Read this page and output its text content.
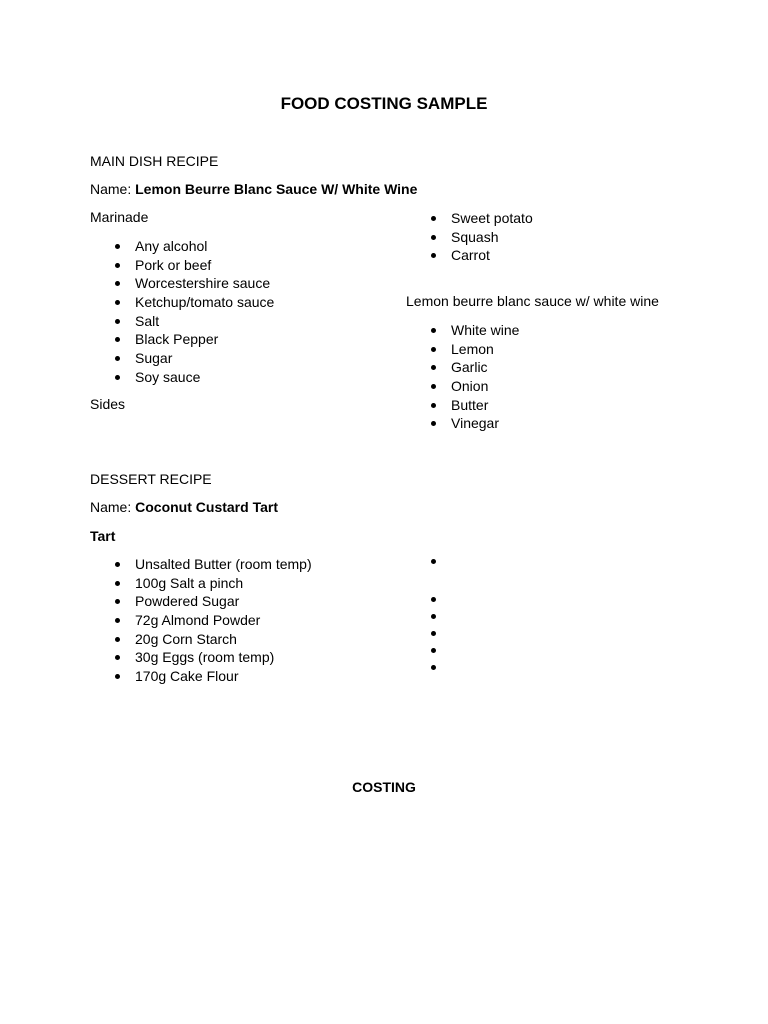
FOOD COSTING SAMPLE
MAIN DISH RECIPE
Name: Lemon Beurre Blanc Sauce W/ White Wine
Marinade
Any alcohol
Pork or beef
Worcestershire sauce
Ketchup/tomato sauce
Salt
Black Pepper
Sugar
Soy sauce
Sides
Sweet potato
Squash
Carrot
Lemon beurre blanc sauce w/ white wine
White wine
Lemon
Garlic
Onion
Butter
Vinegar
DESSERT RECIPE
Name: Coconut Custard Tart
Tart
Unsalted Butter (room temp)
100g Salt a pinch
Powdered Sugar
72g Almond Powder
20g Corn Starch
30g Eggs (room temp)
170g Cake Flour
COSTING
